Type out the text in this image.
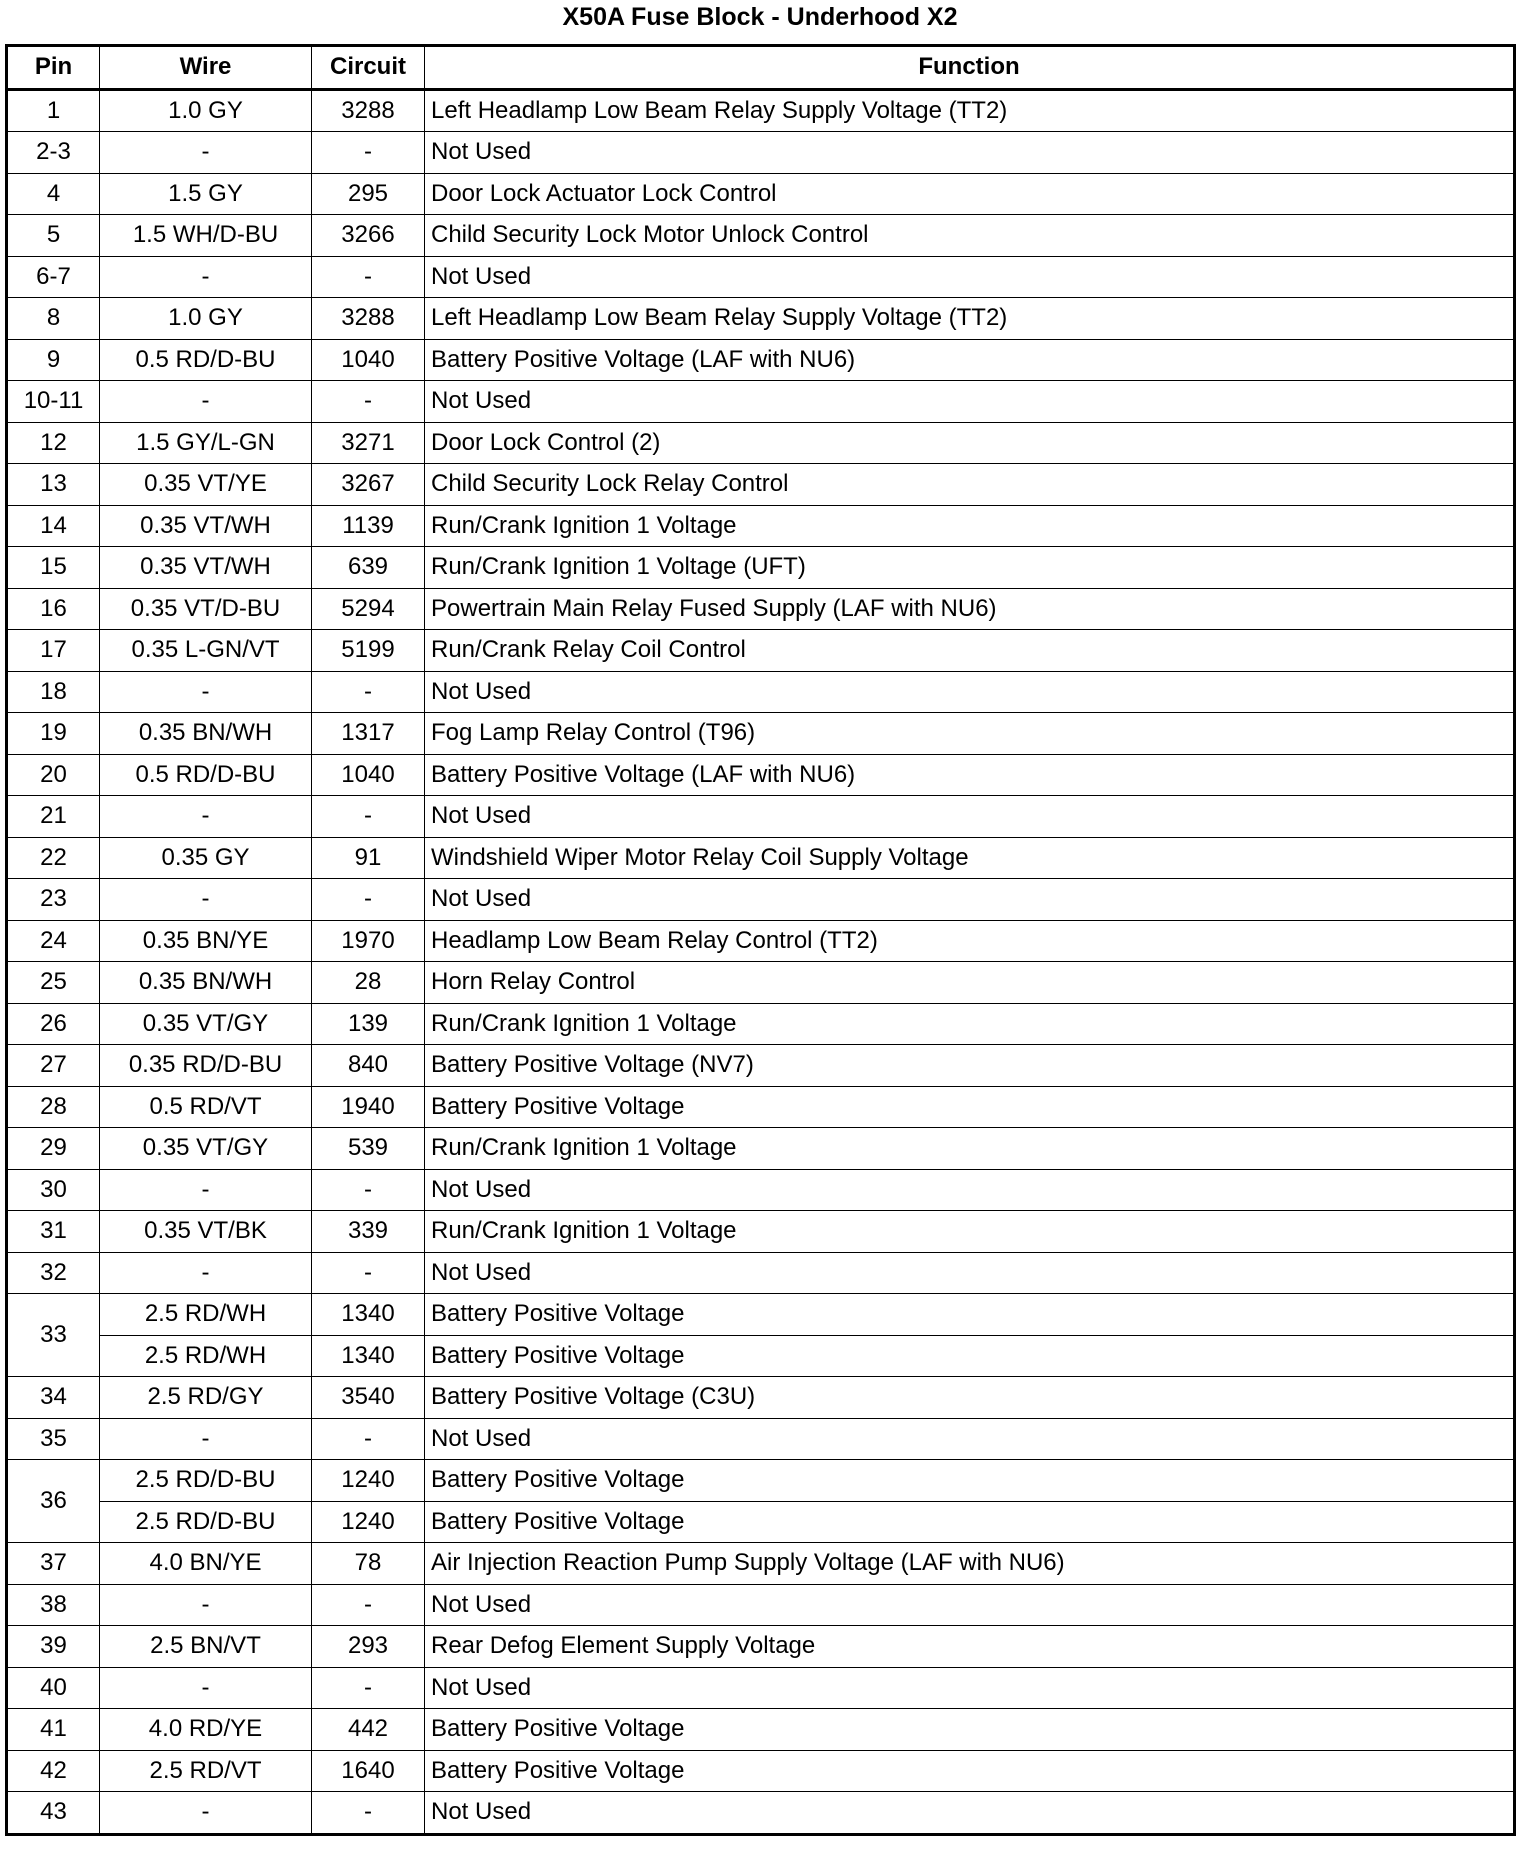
X50A Fuse Block - Underhood X2
Pin	Wire	Circuit	Function
1	1.0 GY	3288	Left Headlamp Low Beam Relay Supply Voltage (TT2)
2-3	-	-	Not Used
4	1.5 GY	295	Door Lock Actuator Lock Control
5	1.5 WH/D-BU	3266	Child Security Lock Motor Unlock Control
6-7	-	-	Not Used
8	1.0 GY	3288	Left Headlamp Low Beam Relay Supply Voltage (TT2)
9	0.5 RD/D-BU	1040	Battery Positive Voltage (LAF with NU6)
10-11	-	-	Not Used
12	1.5 GY/L-GN	3271	Door Lock Control (2)
13	0.35 VT/YE	3267	Child Security Lock Relay Control
14	0.35 VT/WH	1139	Run/Crank Ignition 1 Voltage
15	0.35 VT/WH	639	Run/Crank Ignition 1 Voltage (UFT)
16	0.35 VT/D-BU	5294	Powertrain Main Relay Fused Supply (LAF with NU6)
17	0.35 L-GN/VT	5199	Run/Crank Relay Coil Control
18	-	-	Not Used
19	0.35 BN/WH	1317	Fog Lamp Relay Control (T96)
20	0.5 RD/D-BU	1040	Battery Positive Voltage (LAF with NU6)
21	-	-	Not Used
22	0.35 GY	91	Windshield Wiper Motor Relay Coil Supply Voltage
23	-	-	Not Used
24	0.35 BN/YE	1970	Headlamp Low Beam Relay Control (TT2)
25	0.35 BN/WH	28	Horn Relay Control
26	0.35 VT/GY	139	Run/Crank Ignition 1 Voltage
27	0.35 RD/D-BU	840	Battery Positive Voltage (NV7)
28	0.5 RD/VT	1940	Battery Positive Voltage
29	0.35 VT/GY	539	Run/Crank Ignition 1 Voltage
30	-	-	Not Used
31	0.35 VT/BK	339	Run/Crank Ignition 1 Voltage
32	-	-	Not Used
33	2.5 RD/WH	1340	Battery Positive Voltage
	2.5 RD/WH	1340	Battery Positive Voltage
34	2.5 RD/GY	3540	Battery Positive Voltage (C3U)
35	-	-	Not Used
36	2.5 RD/D-BU	1240	Battery Positive Voltage
	2.5 RD/D-BU	1240	Battery Positive Voltage
37	4.0 BN/YE	78	Air Injection Reaction Pump Supply Voltage (LAF with NU6)
38	-	-	Not Used
39	2.5 BN/VT	293	Rear Defog Element Supply Voltage
40	-	-	Not Used
41	4.0 RD/YE	442	Battery Positive Voltage
42	2.5 RD/VT	1640	Battery Positive Voltage
43	-	-	Not Used
